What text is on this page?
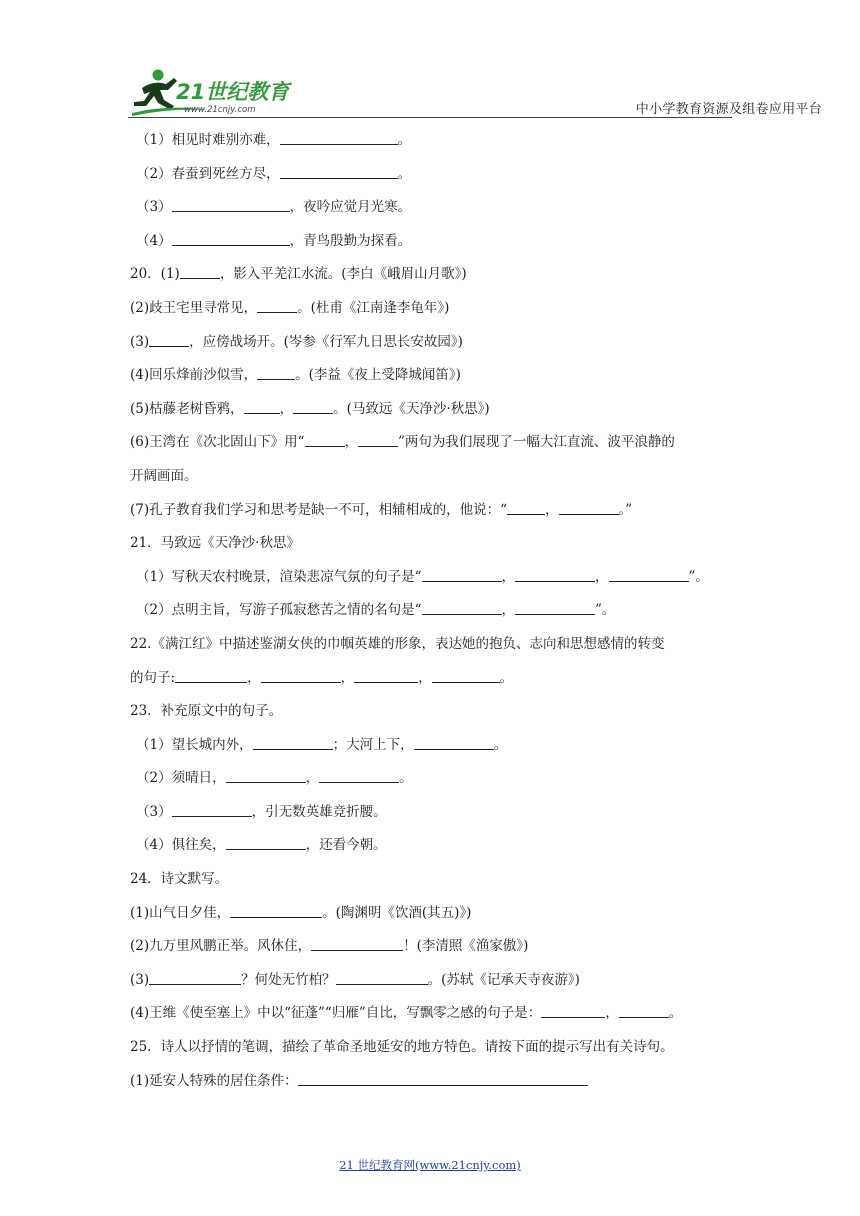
21世纪教育
www.21cnjy.com	中小学教育资源及组卷应用平台
（1）相见时难别亦难，	。
（2）春蚕到死丝方尽，	。
（3）	，夜吟应觉月光寒。
（4）	，青鸟殷勤为探看。
20．(1)	，影入平羌江水流。(李白《峨眉山月歌》)
(2)歧王宅里寻常见，	。(杜甫《江南逢李龟年》)
(3)	，应傍战场开。(岑参《行军九日思长安故园》)
(4)回乐烽前沙似雪，	。(李益《夜上受降城闻笛》)
(5)枯藤老树昏鸦，	，	。(马致远《天净沙·秋思》)
(6)王湾在《次北固山下》用“	，	”两句为我们展现了一幅大江直流、波平浪静的
开阔画面。
(7)孔子教育我们学习和思考是缺一不可，相辅相成的，他说：“	，	。”
21．马致远《天净沙·秋思》
（1）写秋天农村晚景，渲染悲凉气氛的句子是“	，	，	”。
（2）点明主旨，写游子孤寂愁苦之情的名句是“	，	”。
22.《满江红》中描述鉴湖女侠的巾帼英雄的形象，表达她的抱负、志向和思想感情的转变
的句子:	，	，	，	。
23．补充原文中的句子。
（1）望长城内外，	；大河上下，	。
（2）须晴日，	，	。
（3）	，引无数英雄竞折腰。
（4）俱往矣，	，还看今朝。
24．诗文默写。
(1)山气日夕佳，	。(陶渊明《饮酒(其五)》)
(2)九万里风鹏正举。风休住，	！(李清照《渔家傲》)
(3)	？何处无竹柏？	。(苏轼《记承天寺夜游》)
(4)王维《使至塞上》中以“征蓬”“归雁”自比，写飘零之感的句子是：	，	。
25．诗人以抒情的笔调，描绘了革命圣地延安的地方特色。请按下面的提示写出有关诗句。
(1)延安人特殊的居住条件：
21 世纪教育网(www.21cnjy.com)
